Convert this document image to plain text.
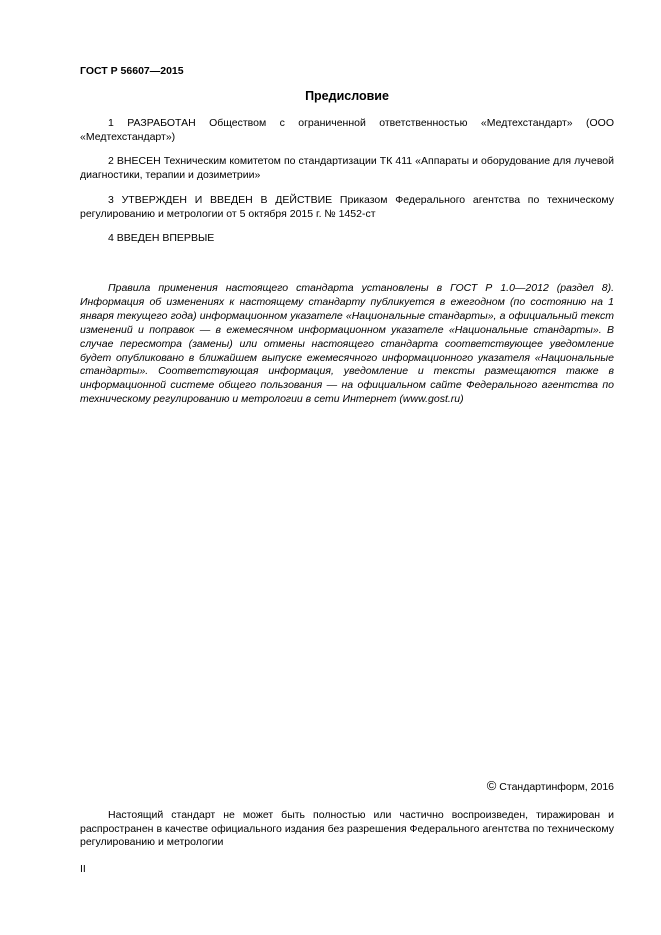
ГОСТ Р 56607—2015
Предисловие
1 РАЗРАБОТАН Обществом с ограниченной ответственностью «Медтехстандарт» (ООО «Медтехстандарт»)
2 ВНЕСЕН Техническим комитетом по стандартизации ТК 411 «Аппараты и оборудование для лучевой диагностики, терапии и дозиметрии»
3 УТВЕРЖДЕН И ВВЕДЕН В ДЕЙСТВИЕ Приказом Федерального агентства по техническому регулированию и метрологии от 5 октября 2015 г. № 1452-ст
4 ВВЕДЕН ВПЕРВЫЕ
Правила применения настоящего стандарта установлены в ГОСТ Р 1.0—2012 (раздел 8). Информация об изменениях к настоящему стандарту публикуется в ежегодном (по состоянию на 1 января текущего года) информационном указателе «Национальные стандарты», а официальный текст изменений и поправок — в ежемесячном информационном указателе «Национальные стандарты». В случае пересмотра (замены) или отмены настоящего стандарта соответствующее уведомление будет опубликовано в ближайшем выпуске ежемесячного информационного указателя «Национальные стандарты». Соответствующая информация, уведомление и тексты размещаются также в информационной системе общего пользования — на официальном сайте Федерального агентства по техническому регулированию и метрологии в сети Интернет (www.gost.ru)
© Стандартинформ, 2016
Настоящий стандарт не может быть полностью или частично воспроизведен, тиражирован и распространен в качестве официального издания без разрешения Федерального агентства по техническому регулированию и метрологии
II
